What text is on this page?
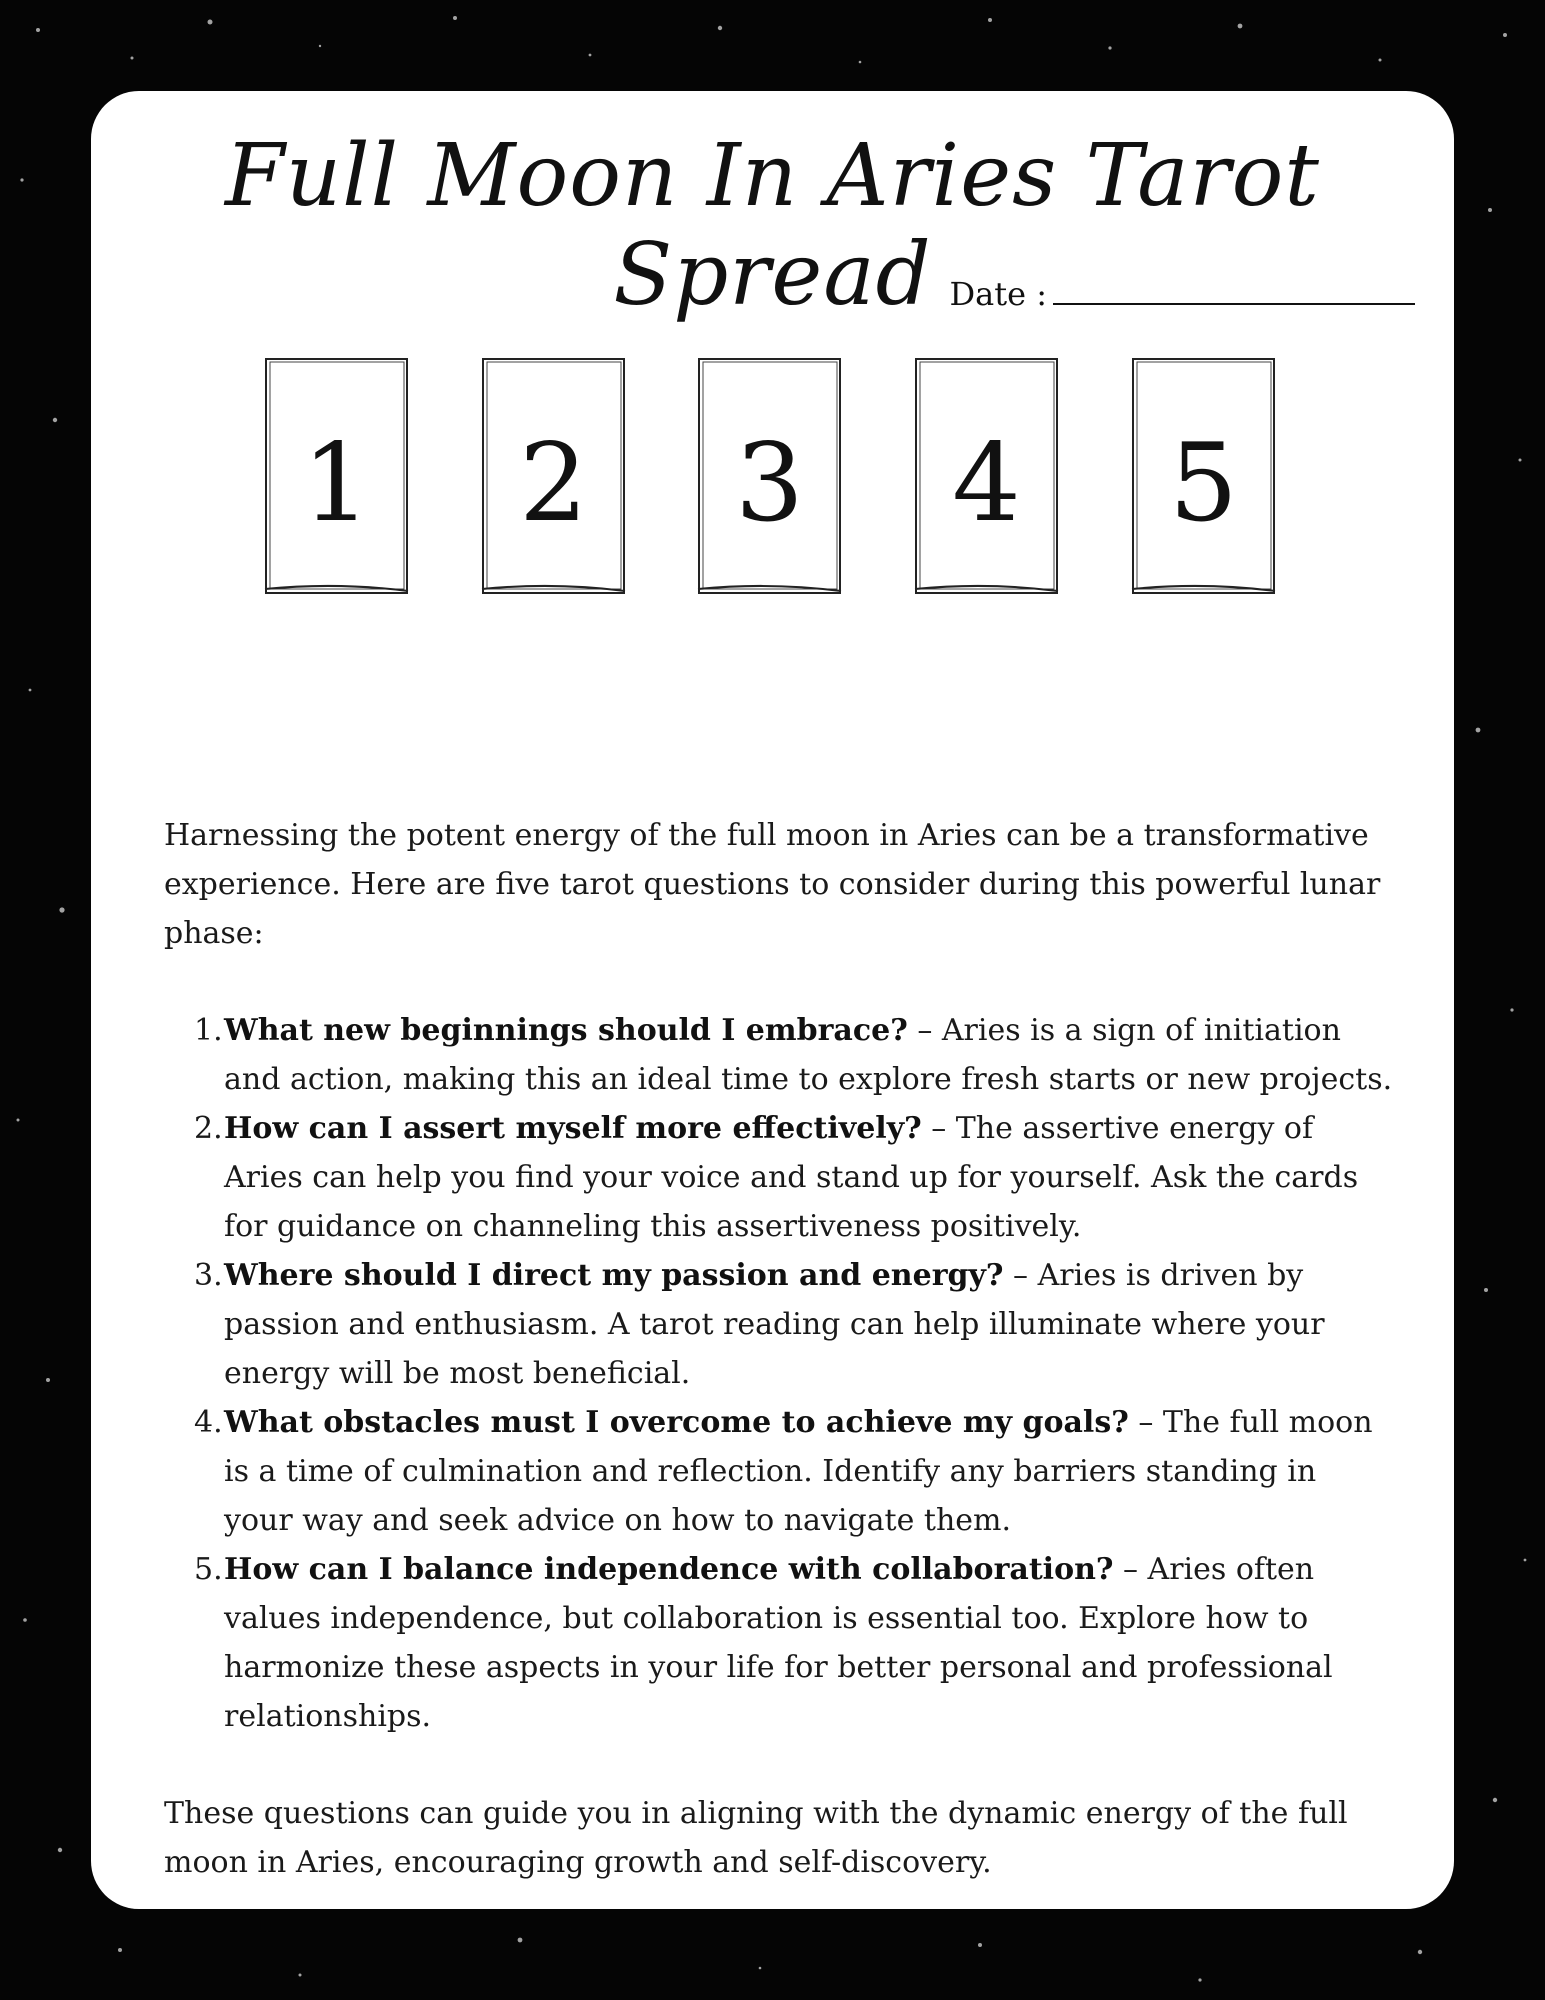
Full Moon In Aries Tarot Spread Date :
1	2	3	4	5

Harnessing the potent energy of the full moon in Aries can be a transformative experience. Here are five tarot questions to consider during this powerful lunar phase:

1. What new beginnings should I embrace? – Aries is a sign of initiation and action, making this an ideal time to explore fresh starts or new projects.
2. How can I assert myself more effectively? – The assertive energy of Aries can help you find your voice and stand up for yourself. Ask the cards for guidance on channeling this assertiveness positively.
3. Where should I direct my passion and energy? – Aries is driven by passion and enthusiasm. A tarot reading can help illuminate where your energy will be most beneficial.
4. What obstacles must I overcome to achieve my goals? – The full moon is a time of culmination and reflection. Identify any barriers standing in your way and seek advice on how to navigate them.
5. How can I balance independence with collaboration? – Aries often values independence, but collaboration is essential too. Explore how to harmonize these aspects in your life for better personal and professional relationships.

These questions can guide you in aligning with the dynamic energy of the full moon in Aries, encouraging growth and self-discovery.
